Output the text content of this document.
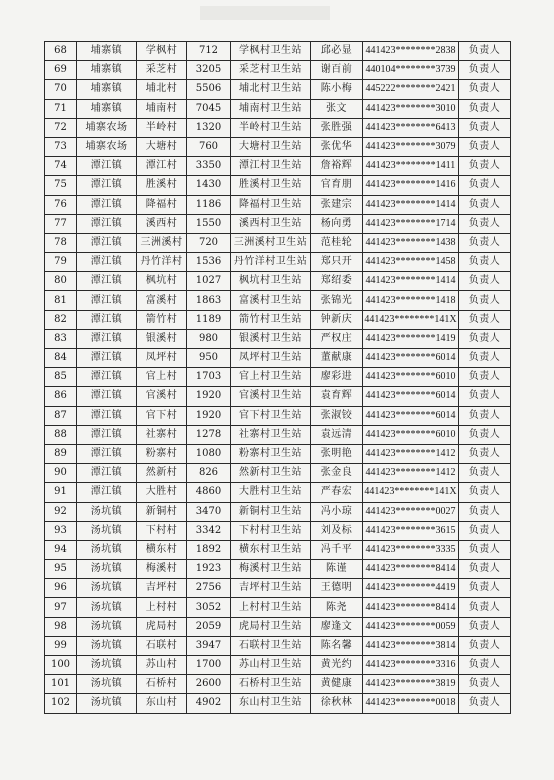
68	埔寨镇	学枫村	712	学枫村卫生站	邱必显	441423********2838	负责人
69	埔寨镇	采芝村	3205	采芝村卫生站	谢百前	440104********3739	负责人
70	埔寨镇	埔北村	5506	埔北村卫生站	陈小梅	445222********2421	负责人
71	埔寨镇	埔南村	7045	埔南村卫生站	张文	441423********3010	负责人
72	埔寨农场	半岭村	1320	半岭村卫生站	张胜强	441423********6413	负责人
73	埔寨农场	大塘村	760	大塘村卫生站	张优华	441423********3079	负责人
74	潭江镇	潭江村	3350	潭江村卫生站	詹裕辉	441423********1411	负责人
75	潭江镇	胜溪村	1430	胜溪村卫生站	官育朋	441423********1416	负责人
76	潭江镇	降福村	1186	降福村卫生站	张建宗	441423********1414	负责人
77	潭江镇	溪西村	1550	溪西村卫生站	杨向勇	441423********1714	负责人
78	潭江镇	三洲溪村	720	三洲溪村卫生站	范桂轮	441423********1438	负责人
79	潭江镇	丹竹洋村	1536	丹竹洋村卫生站	郑只开	441423********1458	负责人
80	潭江镇	枫坑村	1027	枫坑村卫生站	郑绍委	441423********1414	负责人
81	潭江镇	富溪村	1863	富溪村卫生站	张锦光	441423********1418	负责人
82	潭江镇	箭竹村	1189	箭竹村卫生站	钟新庆	441423********141X	负责人
83	潭江镇	银溪村	980	银溪村卫生站	严权庄	441423********1419	负责人
84	潭江镇	凤坪村	950	凤坪村卫生站	董献康	441423********6014	负责人
85	潭江镇	官上村	1703	官上村卫生站	廖彩进	441423********6010	负责人
86	潭江镇	官溪村	1920	官溪村卫生站	袁育辉	441423********6014	负责人
87	潭江镇	官下村	1920	官下村卫生站	张淑铰	441423********6014	负责人
88	潭江镇	社寨村	1278	社寨村卫生站	袁远清	441423********6010	负责人
89	潭江镇	粉寨村	1080	粉寨村卫生站	张明艳	441423********1412	负责人
90	潭江镇	然新村	826	然新村卫生站	张金良	441423********1412	负责人
91	潭江镇	大胜村	4860	大胜村卫生站	严春宏	441423********141X	负责人
92	汤坑镇	新铜村	3470	新铜村卫生站	冯小琼	441423********0027	负责人
93	汤坑镇	下村村	3342	下村村卫生站	刘及标	441423********3615	负责人
94	汤坑镇	横东村	1892	横东村卫生站	冯千平	441423********3335	负责人
95	汤坑镇	梅溪村	1923	梅溪村卫生站	陈谨	441423********8414	负责人
96	汤坑镇	吉坪村	2756	吉坪村卫生站	王德明	441423********4419	负责人
97	汤坑镇	上村村	3052	上村村卫生站	陈尧	441423********8414	负责人
98	汤坑镇	虎局村	2059	虎局村卫生站	廖逢文	441423********0059	负责人
99	汤坑镇	石联村	3947	石联村卫生站	陈名馨	441423********3814	负责人
100	汤坑镇	苏山村	1700	苏山村卫生站	黄光约	441423********3316	负责人
101	汤坑镇	石桥村	2600	石桥村卫生站	黄健康	441423********3819	负责人
102	汤坑镇	东山村	4902	东山村卫生站	徐秋林	441423********0018	负责人
